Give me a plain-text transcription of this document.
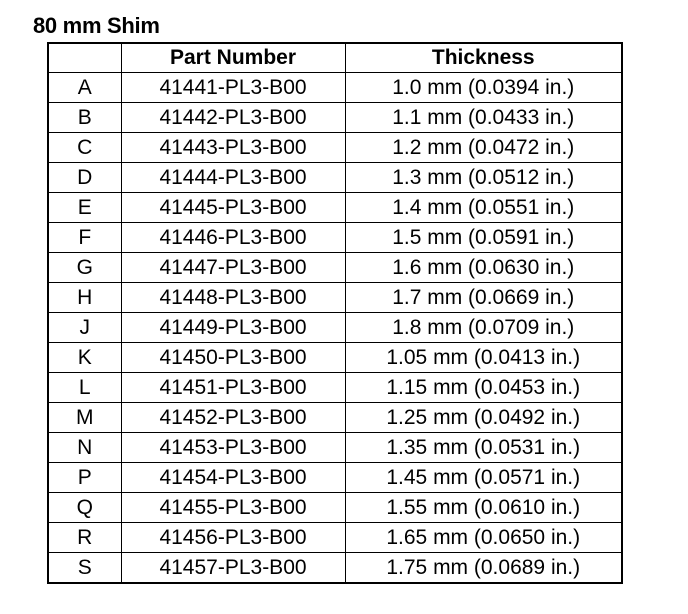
80 mm Shim
	Part Number	Thickness
A	41441-PL3-B00	1.0 mm (0.0394 in.)
B	41442-PL3-B00	1.1 mm (0.0433 in.)
C	41443-PL3-B00	1.2 mm (0.0472 in.)
D	41444-PL3-B00	1.3 mm (0.0512 in.)
E	41445-PL3-B00	1.4 mm (0.0551 in.)
F	41446-PL3-B00	1.5 mm (0.0591 in.)
G	41447-PL3-B00	1.6 mm (0.0630 in.)
H	41448-PL3-B00	1.7 mm (0.0669 in.)
J	41449-PL3-B00	1.8 mm (0.0709 in.)
K	41450-PL3-B00	1.05 mm (0.0413 in.)
L	41451-PL3-B00	1.15 mm (0.0453 in.)
M	41452-PL3-B00	1.25 mm (0.0492 in.)
N	41453-PL3-B00	1.35 mm (0.0531 in.)
P	41454-PL3-B00	1.45 mm (0.0571 in.)
Q	41455-PL3-B00	1.55 mm (0.0610 in.)
R	41456-PL3-B00	1.65 mm (0.0650 in.)
S	41457-PL3-B00	1.75 mm (0.0689 in.)
